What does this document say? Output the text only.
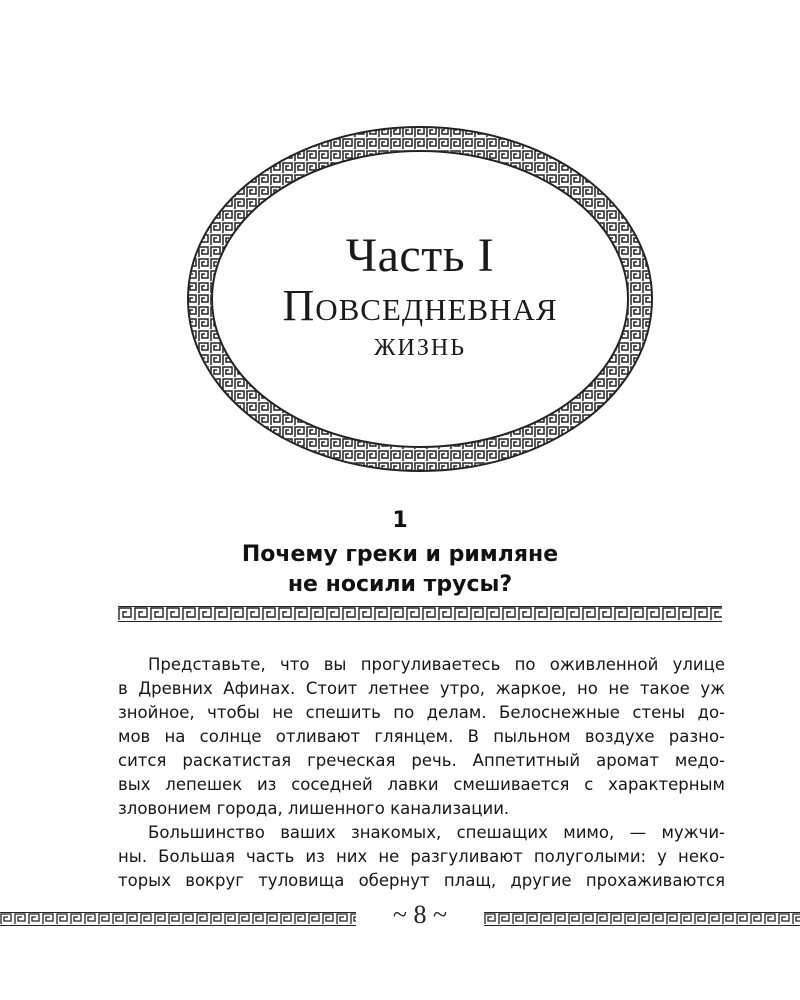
Часть I
Повседневная
жизнь
1
Почему греки и римляне
не носили трусы?
Представьте, что вы прогуливаетесь по оживленной улице
в Древних Афинах. Стоит летнее утро, жаркое, но не такое уж
знойное, чтобы не спешить по делам. Белоснежные стены до-
мов на солнце отливают глянцем. В пыльном воздухе разно-
сится раскатистая греческая речь. Аппетитный аромат медо-
вых лепешек из соседней лавки смешивается с характерным
зловонием города, лишенного канализации.
Большинство ваших знакомых, спешащих мимо, — мужчи-
ны. Большая часть из них не разгуливают полуголыми: у неко-
торых вокруг туловища обернут плащ, другие прохаживаются
~ 8 ~
